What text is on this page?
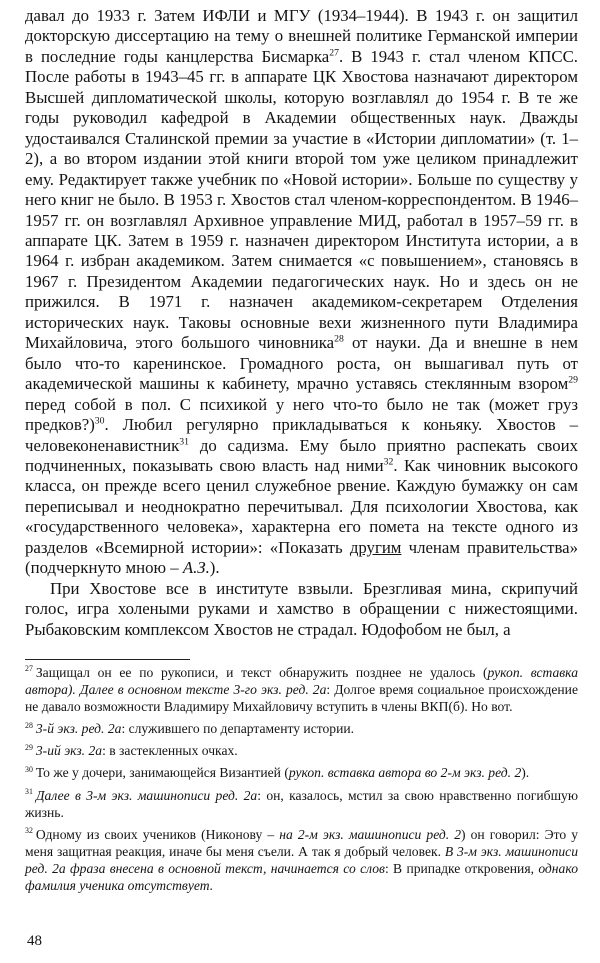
давал до 1933 г. Затем ИФЛИ и МГУ (1934–1944). В 1943 г. он защитил докторскую диссертацию на тему о внешней политике Германской империи в последние годы канцлерства Бисмарка$^{27}$. В 1943 г. стал членом КПСС. После работы в 1943–45 гг. в аппарате ЦК Хвостова назначают директором Высшей дипломатической школы, которую возглавлял до 1954 г. В те же годы руководил кафедрой в Академии общественных наук. Дважды удостаивался Сталинской премии за участие в «Истории дипломатии» (т. 1–2), а во втором издании этой книги второй том уже целиком принадлежит ему. Редактирует также учебник по «Новой истории». Больше по существу у него книг не было. В 1953 г. Хвостов стал членом-корреспондентом. В 1946–1957 гг. он возглавлял Архивное управление МИД, работал в 1957–59 гг. в аппарате ЦК. Затем в 1959 г. назначен директором Института истории, а в 1964 г. избран академиком. Затем снимается «с повышением», становясь в 1967 г. Президентом Академии педагогических наук. Но и здесь он не прижился. В 1971 г. назначен академиком-секретарем Отделения исторических наук. Таковы основные вехи жизненного пути Владимира Михайловича, этого большого чиновника$^{28}$ от науки. Да и внешне в нем было что-то каренинское. Громадного роста, он вышагивал путь от академической машины к кабинету, мрачно уставясь стеклянным взором$^{29}$ перед собой в пол. С психикой у него что-то было не так (может груз предков?)$^{30}$. Любил регулярно прикладываться к коньяку. Хвостов – человеконенавистник$^{31}$ до садизма. Ему было приятно распекать своих подчиненных, показывать свою власть над ними$^{32}$. Как чиновник высокого класса, он прежде всего ценил служебное рвение. Каждую бумажку он сам переписывал и неоднократно перечитывал. Для психологии Хвостова, как «государственного человека», характерна его помета на тексте одного из разделов «Всемирной истории»: «Показать другим членам правительства» (подчеркнуто мною – А.З.).

При Хвостове все в институте взвыли. Брезгливая мина, скрипучий голос, игра холеными руками и хамство в обращении с нижестоящими. Рыбаковским комплексом Хвостов не страдал. Юдофобом не был, а

$^{27}$ Защищал он ее по рукописи, и текст обнаружить позднее не удалось (рукоп. вставка автора). Далее в основном тексте 3-го экз. ред. 2а: Долгое время социальное происхождение не давало возможности Владимиру Михайловичу вступить в члены ВКП(б). Но вот.

$^{28}$ 3-й экз. ред. 2а: служившего по департаменту истории.

$^{29}$ 3-ий экз. 2а: в застекленных очках.

$^{30}$ То же у дочери, занимающейся Византией (рукоп. вставка автора во 2-м экз. ред. 2).

$^{31}$ Далее в 3-м экз. машинописи ред. 2а: он, казалось, мстил за свою нравственно погибшую жизнь.

$^{32}$ Одному из своих учеников (Никонову – на 2-м экз. машинописи ред. 2) он говорил: Это у меня защитная реакция, иначе бы меня съели. А так я добрый человек. В 3-м экз. машинописи ред. 2а фраза внесена в основной текст, начинается со слов: В припадке откровения, однако фамилия ученика отсутствует.

48
